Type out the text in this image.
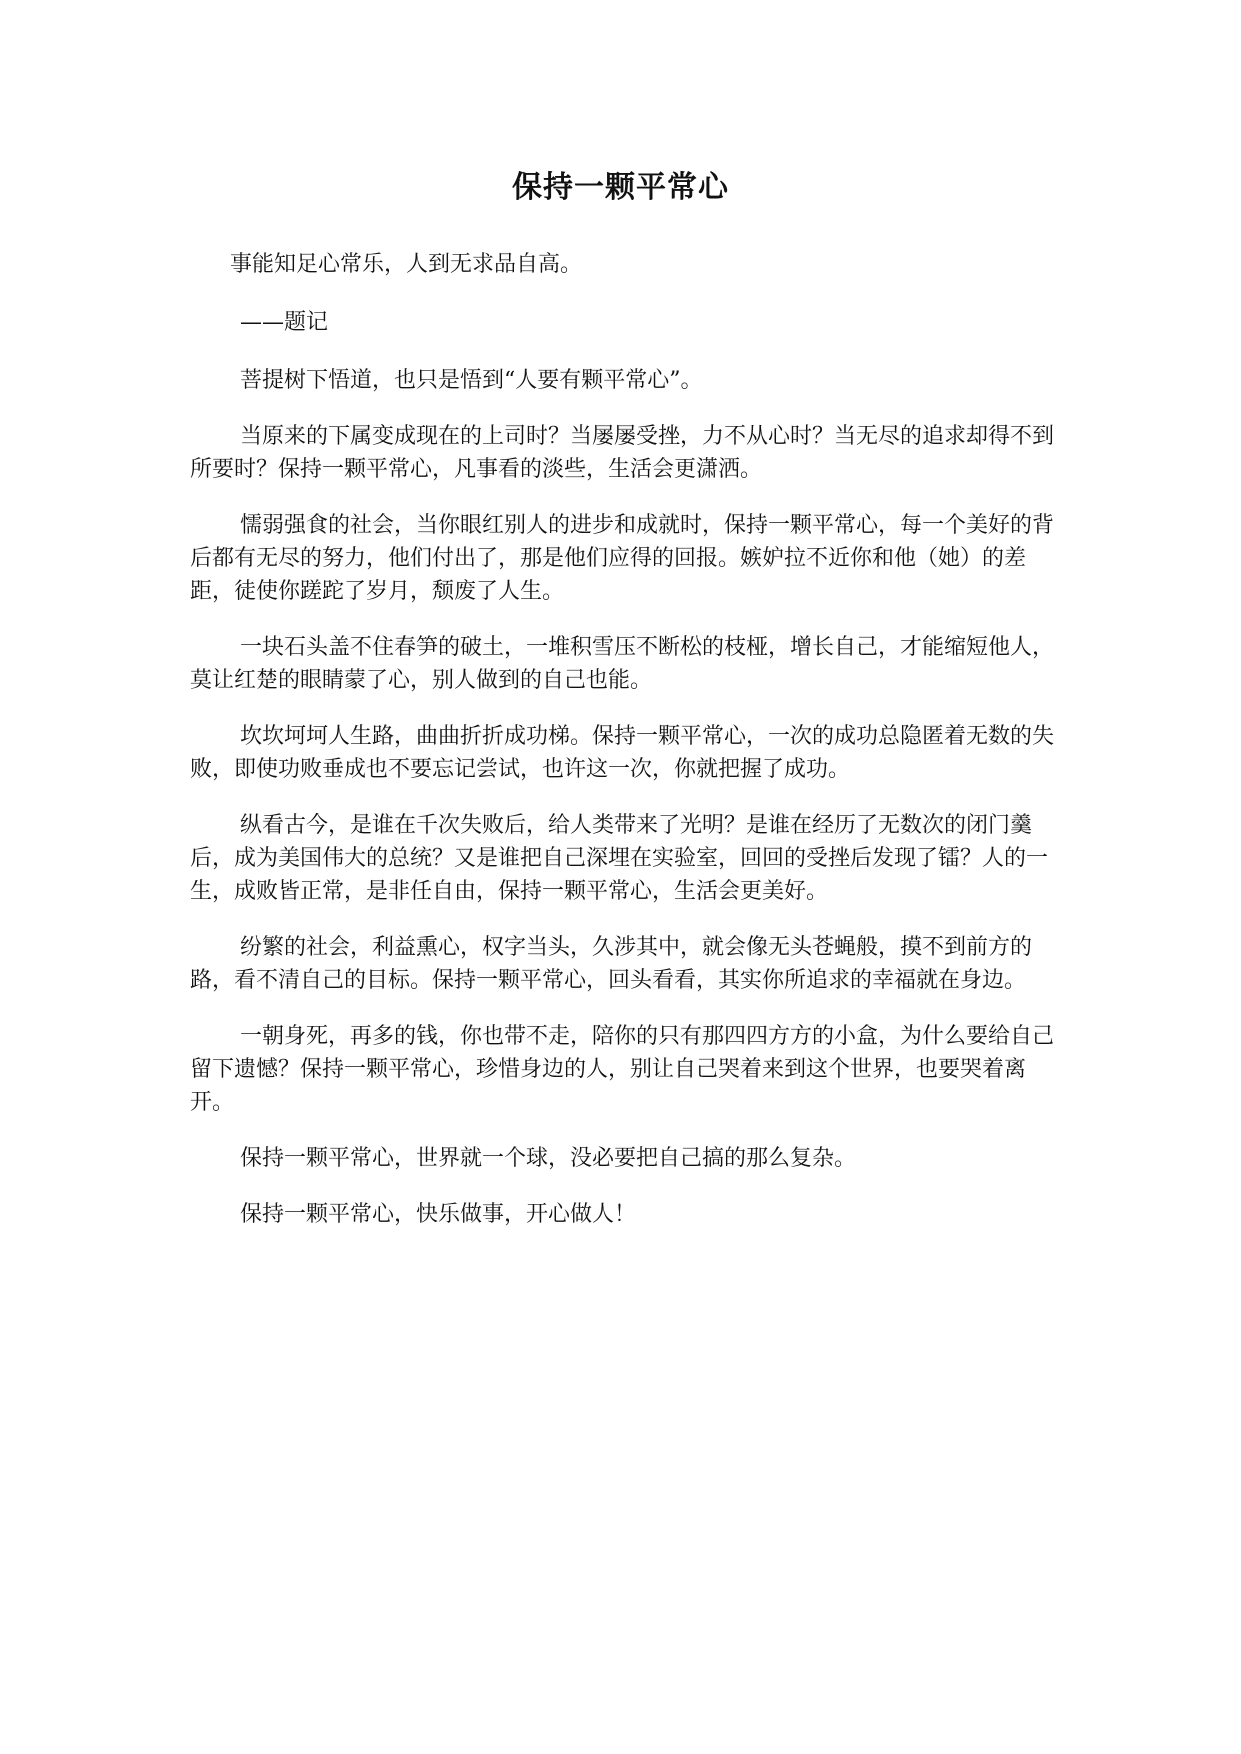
保持一颗平常心

事能知足心常乐，人到无求品自高。

——题记

菩提树下悟道，也只是悟到“人要有颗平常心”。

当原来的下属变成现在的上司时？当屡屡受挫，力不从心时？当无尽的追求却得不到所要时？保持一颗平常心，凡事看的淡些，生活会更潇洒。

懦弱强食的社会，当你眼红别人的进步和成就时，保持一颗平常心，每一个美好的背后都有无尽的努力，他们付出了，那是他们应得的回报。嫉妒拉不近你和他（她）的差距，徒使你蹉跎了岁月，颓废了人生。

一块石头盖不住春笋的破土，一堆积雪压不断松的枝桠，增长自己，才能缩短他人，莫让红楚的眼睛蒙了心，别人做到的自己也能。

坎坎坷坷人生路，曲曲折折成功梯。保持一颗平常心，一次的成功总隐匿着无数的失败，即使功败垂成也不要忘记尝试，也许这一次，你就把握了成功。

纵看古今，是谁在千次失败后，给人类带来了光明？是谁在经历了无数次的闭门羹后，成为美国伟大的总统？又是谁把自己深埋在实验室，回回的受挫后发现了镭？人的一生，成败皆正常，是非任自由，保持一颗平常心，生活会更美好。

纷繁的社会，利益熏心，权字当头，久涉其中，就会像无头苍蝇般，摸不到前方的路，看不清自己的目标。保持一颗平常心，回头看看，其实你所追求的幸福就在身边。

一朝身死，再多的钱，你也带不走，陪你的只有那四四方方的小盒，为什么要给自己留下遗憾？保持一颗平常心，珍惜身边的人，别让自己哭着来到这个世界，也要哭着离开。

保持一颗平常心，世界就一个球，没必要把自己搞的那么复杂。

保持一颗平常心，快乐做事，开心做人！
